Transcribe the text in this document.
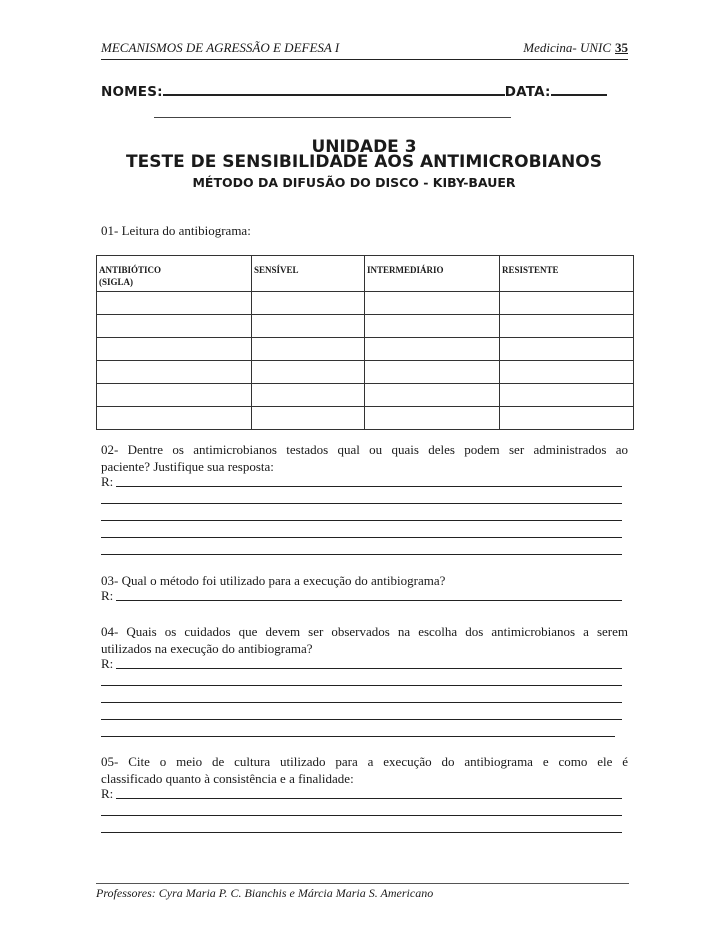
MECANISMOS DE AGRESSÃO E DEFESA I	Medicina- UNIC 35
NOMES:	DATA:
UNIDADE 3
TESTE DE SENSIBILIDADE AOS ANTIMICROBIANOS
MÉTODO DA DIFUSÃO DO DISCO - KIBY-BAUER
01- Leitura do antibiograma:
ANTIBIÓTICO
(SIGLA)	SENSÍVEL	INTERMEDIÁRIO	RESISTENTE

02- Dentre os antimicrobianos testados qual ou quais deles podem ser administrados ao
paciente? Justifique sua resposta:
R:
03- Qual o método foi utilizado para a execução do antibiograma?
R:
04- Quais os cuidados que devem ser observados na escolha dos antimicrobianos a serem
utilizados na execução do antibiograma?
R:
05- Cite o meio de cultura utilizado para a execução do antibiograma e como ele é
classificado quanto à consistência e a finalidade:
R:
Professores: Cyra Maria P. C. Bianchis e Márcia Maria S. Americano
